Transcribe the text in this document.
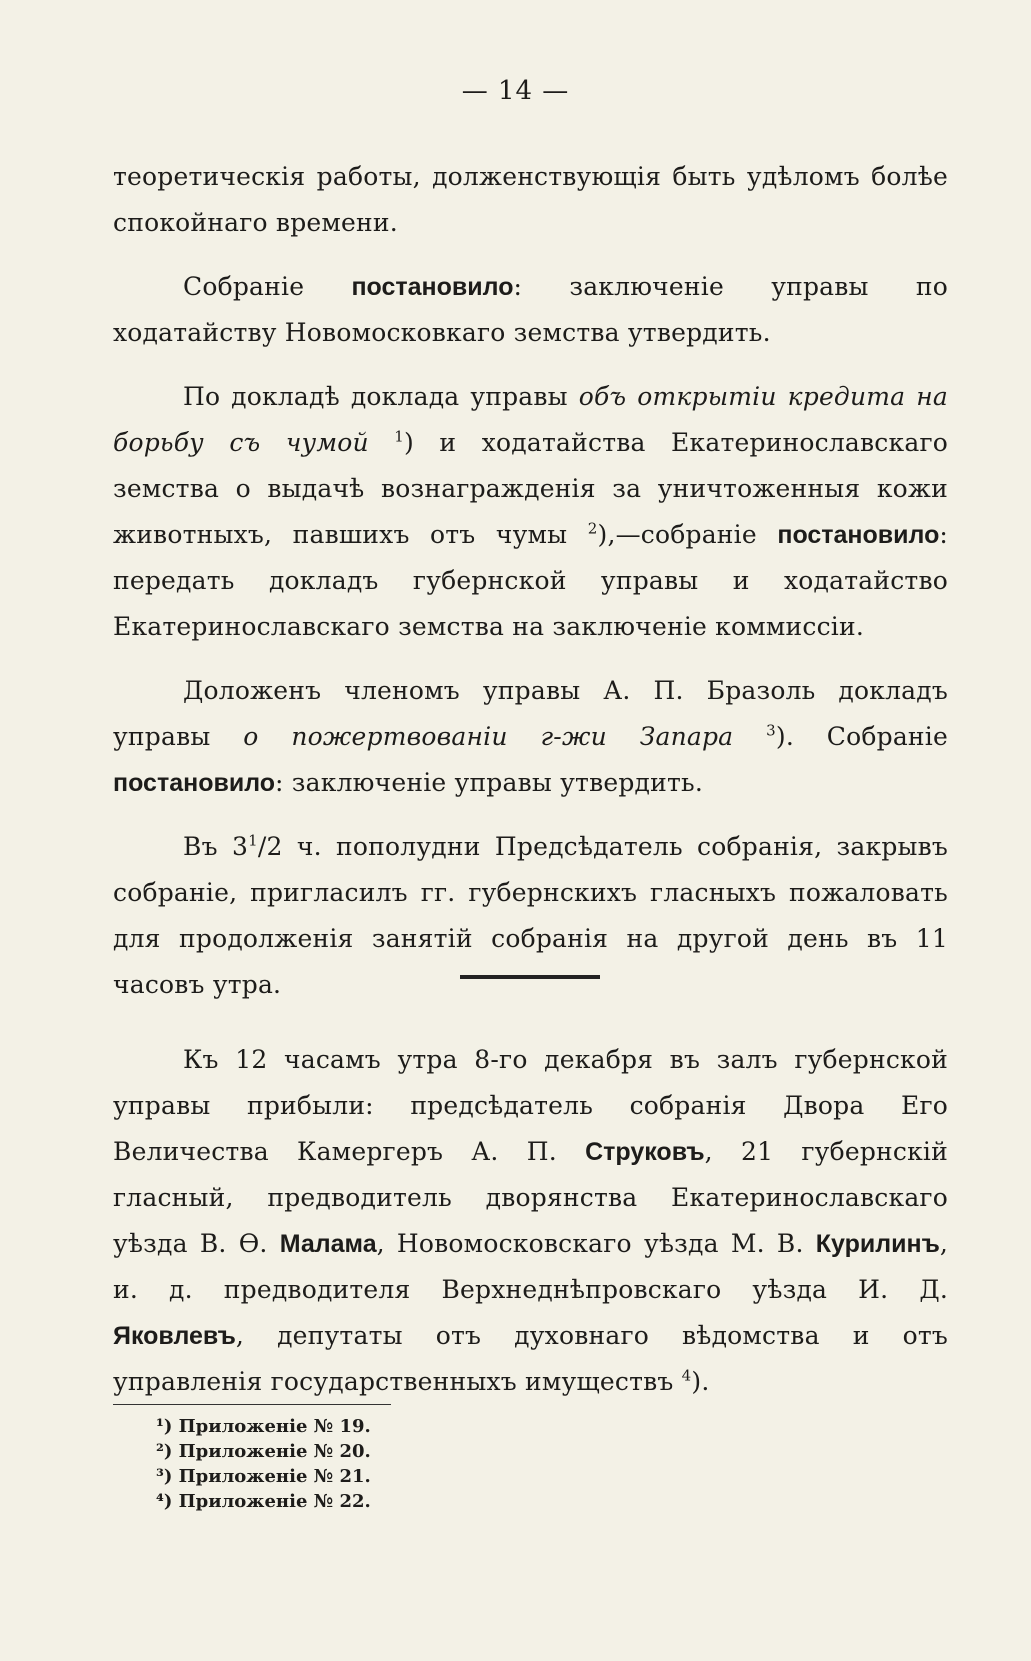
— 14 —

теоретическія работы, долженствующія быть удѣломъ болѣе спокойнаго времени.

Собраніе постановило: заключеніе управы по ходатайству Новомосковкаго земства утвердить.

По докладѣ доклада управы объ открытіи кредита на борьбу съ чумой $^1$) и ходатайства Екатеринославскаго земства о выдачѣ вознагражденія за уничтоженныя кожи животныхъ, павшихъ отъ чумы $^2$),—собраніе постановило: передать докладъ губернской управы и ходатайство Екатеринославскаго земства на заключеніе коммиссіи.

Доложенъ членомъ управы А. П. Бразоль докладъ управы о пожертвованіи г-жи Запара $^3$). Собраніе постановило: заключеніе управы утвердить.

Въ $3^1/2$ ч. пополудни Предсѣдатель собранія, закрывъ собраніе, пригласилъ гг. губернскихъ гласныхъ пожаловать для продолженія занятій собранія на другой день въ 11 часовъ утра.

Къ 12 часамъ утра 8-го декабря въ залъ губернской управы прибыли: предсѣдатель собранія Двора Его Величества Камергеръ А. П. Струковъ, 21 губернскій гласный, предводитель дворянства Екатеринославскаго уѣзда В. Ѳ. Малама, Новомосковскаго уѣзда М. В. Курилинъ, и. д. предводителя Верхнеднѣпровскаго уѣзда И. Д. Яковлевъ, депутаты отъ духовнаго вѣдомства и отъ управленія государственныхъ имуществъ $^4$).

¹) Приложеніе № 19.
²) Приложеніе № 20.
³) Приложеніе № 21.
⁴) Приложеніе № 22.
